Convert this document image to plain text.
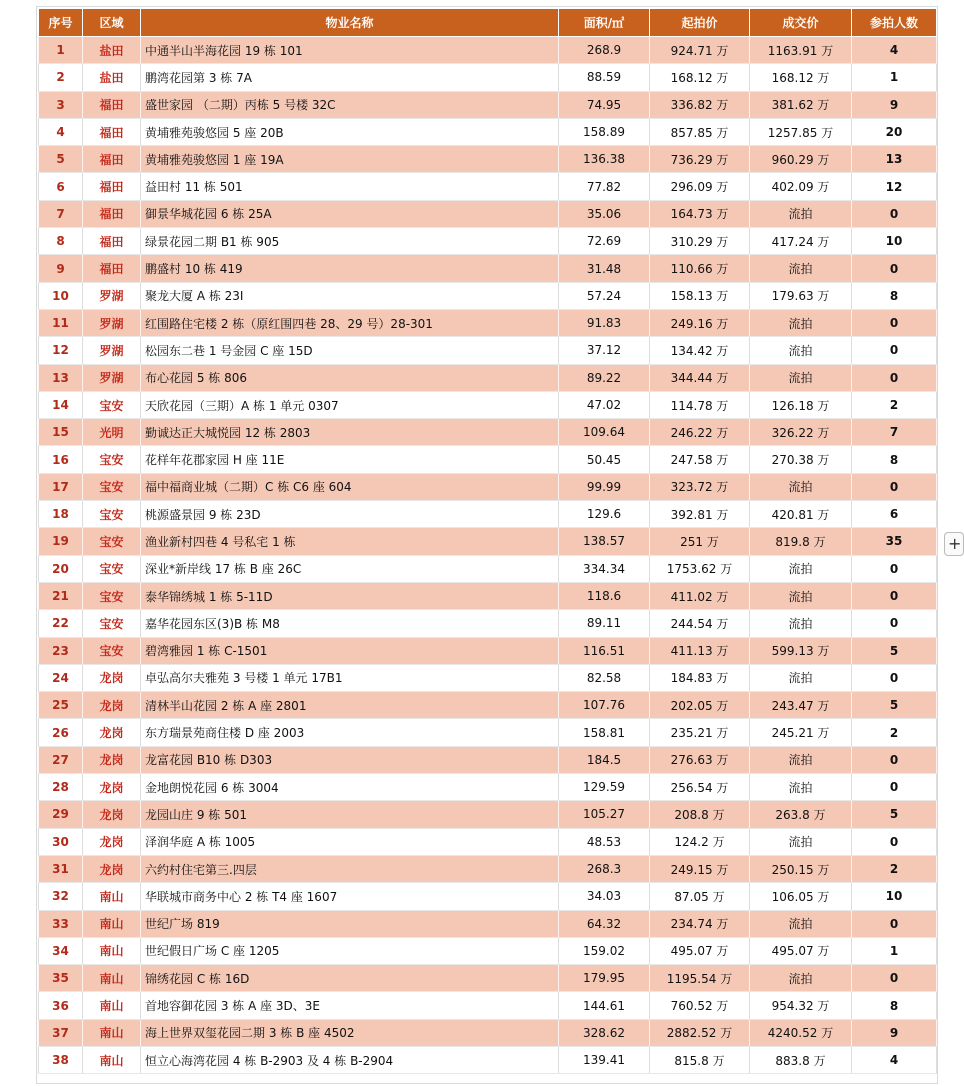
序号	区域	物业名称	面积/㎡	起拍价	成交价	参拍人数
1	盐田	中通半山半海花园 19 栋 101	268.9	924.71 万	1163.91 万	4
2	盐田	鹏湾花园第 3 栋 7A	88.59	168.12 万	168.12 万	1
3	福田	盛世家园 （二期）丙栋 5 号楼 32C	74.95	336.82 万	381.62 万	9
4	福田	黄埔雅苑骏悠园 5 座 20B	158.89	857.85 万	1257.85 万	20
5	福田	黄埔雅苑骏悠园 1 座 19A	136.38	736.29 万	960.29 万	13
6	福田	益田村 11 栋 501	77.82	296.09 万	402.09 万	12
7	福田	御景华城花园 6 栋 25A	35.06	164.73 万	流拍	0
8	福田	绿景花园二期 B1 栋 905	72.69	310.29 万	417.24 万	10
9	福田	鹏盛村 10 栋 419	31.48	110.66 万	流拍	0
10	罗湖	聚龙大厦 A 栋 23I	57.24	158.13 万	179.63 万	8
11	罗湖	红围路住宅楼 2 栋（原红围四巷 28、29 号）28-301	91.83	249.16 万	流拍	0
12	罗湖	松园东二巷 1 号金园 C 座 15D	37.12	134.42 万	流拍	0
13	罗湖	布心花园 5 栋 806	89.22	344.44 万	流拍	0
14	宝安	天欣花园（三期）A 栋 1 单元 0307	47.02	114.78 万	126.18 万	2
15	光明	勤诚达正大城悦园 12 栋 2803	109.64	246.22 万	326.22 万	7
16	宝安	花样年花郡家园 H 座 11E	50.45	247.58 万	270.38 万	8
17	宝安	福中福商业城（二期）C 栋 C6 座 604	99.99	323.72 万	流拍	0
18	宝安	桃源盛景园 9 栋 23D	129.6	392.81 万	420.81 万	6
19	宝安	渔业新村四巷 4 号私宅 1 栋	138.57	251 万	819.8 万	35
20	宝安	深业*新岸线 17 栋 B 座 26C	334.34	1753.62 万	流拍	0
21	宝安	泰华锦绣城 1 栋 5-11D	118.6	411.02 万	流拍	0
22	宝安	嘉华花园东区(3)B 栋 M8	89.11	244.54 万	流拍	0
23	宝安	碧湾雅园 1 栋 C-1501	116.51	411.13 万	599.13 万	5
24	龙岗	卓弘高尔夫雅苑 3 号楼 1 单元 17B1	82.58	184.83 万	流拍	0
25	龙岗	清林半山花园 2 栋 A 座 2801	107.76	202.05 万	243.47 万	5
26	龙岗	东方瑞景苑商住楼 D 座 2003	158.81	235.21 万	245.21 万	2
27	龙岗	龙富花园 B10 栋 D303	184.5	276.63 万	流拍	0
28	龙岗	金地朗悦花园 6 栋 3004	129.59	256.54 万	流拍	0
29	龙岗	龙园山庄 9 栋 501	105.27	208.8 万	263.8 万	5
30	龙岗	泽润华庭 A 栋 1005	48.53	124.2 万	流拍	0
31	龙岗	六约村住宅第三.四层	268.3	249.15 万	250.15 万	2
32	南山	华联城市商务中心 2 栋 T4 座 1607	34.03	87.05 万	106.05 万	10
33	南山	世纪广场 819	64.32	234.74 万	流拍	0
34	南山	世纪假日广场 C 座 1205	159.02	495.07 万	495.07 万	1
35	南山	锦绣花园 C 栋 16D	179.95	1195.54 万	流拍	0
36	南山	首地容御花园 3 栋 A 座 3D、3E	144.61	760.52 万	954.32 万	8
37	南山	海上世界双玺花园二期 3 栋 B 座 4502	328.62	2882.52 万	4240.52 万	9
38	南山	恒立心海湾花园 4 栋 B-2903 及 4 栋 B-2904	139.41	815.8 万	883.8 万	4
+
